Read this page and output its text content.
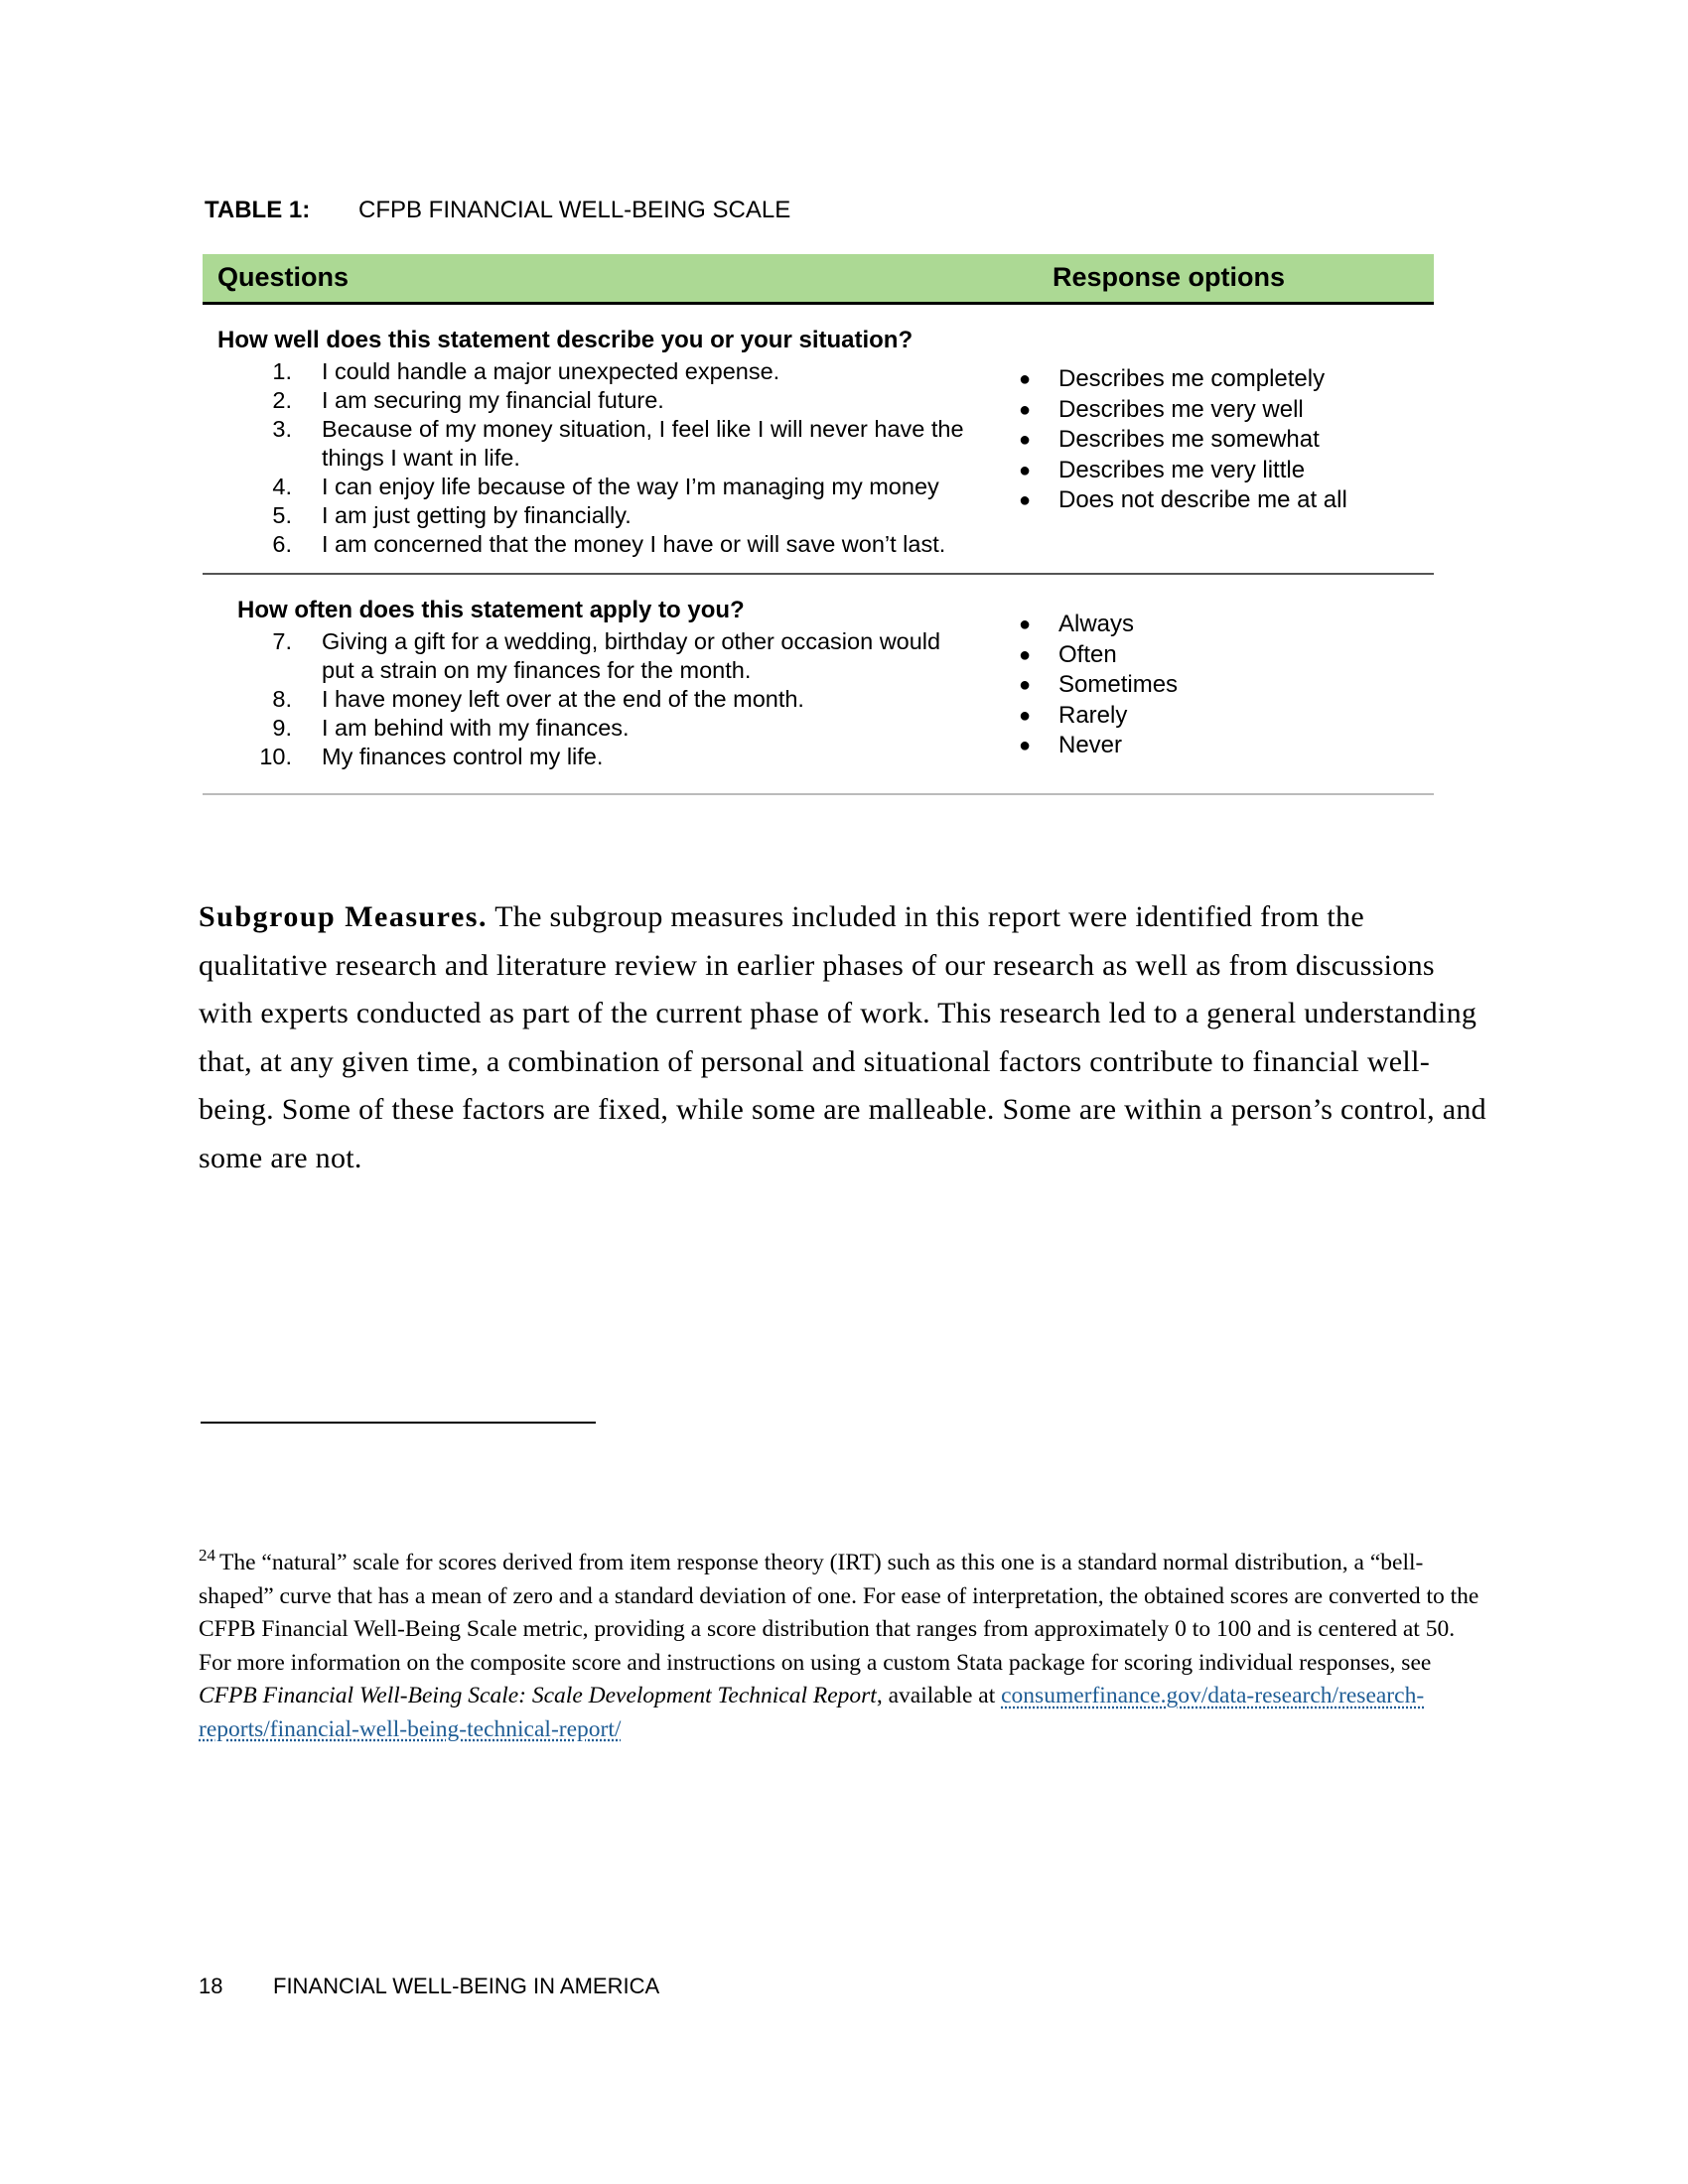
TABLE 1: CFPB FINANCIAL WELL-BEING SCALE
Questions	Response options
How well does this statement describe you or your situation?
1. I could handle a major unexpected expense.
2. I am securing my financial future.
3. Because of my money situation, I feel like I will never have the things I want in life.
4. I can enjoy life because of the way I’m managing my money
5. I am just getting by financially.
6. I am concerned that the money I have or will save won’t last.
● Describes me completely
● Describes me very well
● Describes me somewhat
● Describes me very little
● Does not describe me at all
How often does this statement apply to you?
7. Giving a gift for a wedding, birthday or other occasion would put a strain on my finances for the month.
8. I have money left over at the end of the month.
9. I am behind with my finances.
10. My finances control my life.
● Always
● Often
● Sometimes
● Rarely
● Never

Subgroup Measures. The subgroup measures included in this report were identified from the qualitative research and literature review in earlier phases of our research as well as from discussions with experts conducted as part of the current phase of work. This research led to a general understanding that, at any given time, a combination of personal and situational factors contribute to financial well-being. Some of these factors are fixed, while some are malleable. Some are within a person’s control, and some are not.

$^{24}$ The “natural” scale for scores derived from item response theory (IRT) such as this one is a standard normal distribution, a “bell-shaped” curve that has a mean of zero and a standard deviation of one. For ease of interpretation, the obtained scores are converted to the CFPB Financial Well-Being Scale metric, providing a score distribution that ranges from approximately 0 to 100 and is centered at 50. For more information on the composite score and instructions on using a custom Stata package for scoring individual responses, see CFPB Financial Well-Being Scale: Scale Development Technical Report, available at consumerfinance.gov/data-research/research-reports/financial-well-being-technical-report/
18 FINANCIAL WELL-BEING IN AMERICA
